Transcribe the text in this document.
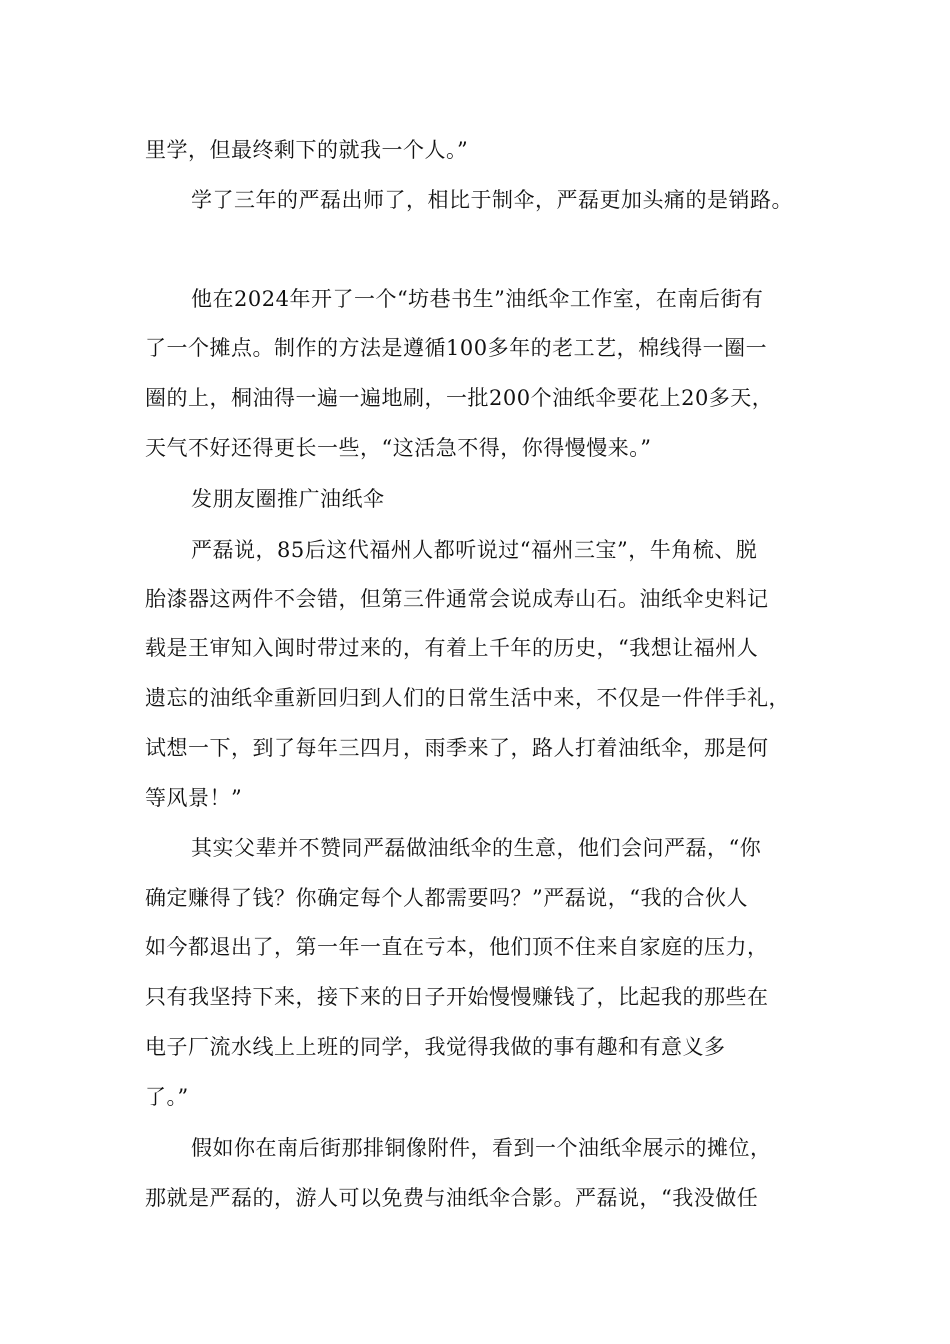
里学，但最终剩下的就我一个人。”
学了三年的严磊出师了，相比于制伞，严磊更加头痛的是销路。
他在2024年开了一个“坊巷书生”油纸伞工作室，在南后街有
了一个摊点。制作的方法是遵循100多年的老工艺，棉线得一圈一
圈的上，桐油得一遍一遍地刷，一批200个油纸伞要花上20多天，
天气不好还得更长一些，“这活急不得，你得慢慢来。”
发朋友圈推广油纸伞
严磊说，85后这代福州人都听说过“福州三宝”，牛角梳、脱
胎漆器这两件不会错，但第三件通常会说成寿山石。油纸伞史料记
载是王审知入闽时带过来的，有着上千年的历史，“我想让福州人
遗忘的油纸伞重新回归到人们的日常生活中来，不仅是一件伴手礼，
试想一下，到了每年三四月，雨季来了，路人打着油纸伞，那是何
等风景！”
其实父辈并不赞同严磊做油纸伞的生意，他们会问严磊，“你
确定赚得了钱？你确定每个人都需要吗？”严磊说，“我的合伙人
如今都退出了，第一年一直在亏本，他们顶不住来自家庭的压力，
只有我坚持下来，接下来的日子开始慢慢赚钱了，比起我的那些在
电子厂流水线上上班的同学，我觉得我做的事有趣和有意义多
了。”
假如你在南后街那排铜像附件，看到一个油纸伞展示的摊位，
那就是严磊的，游人可以免费与油纸伞合影。严磊说，“我没做任
